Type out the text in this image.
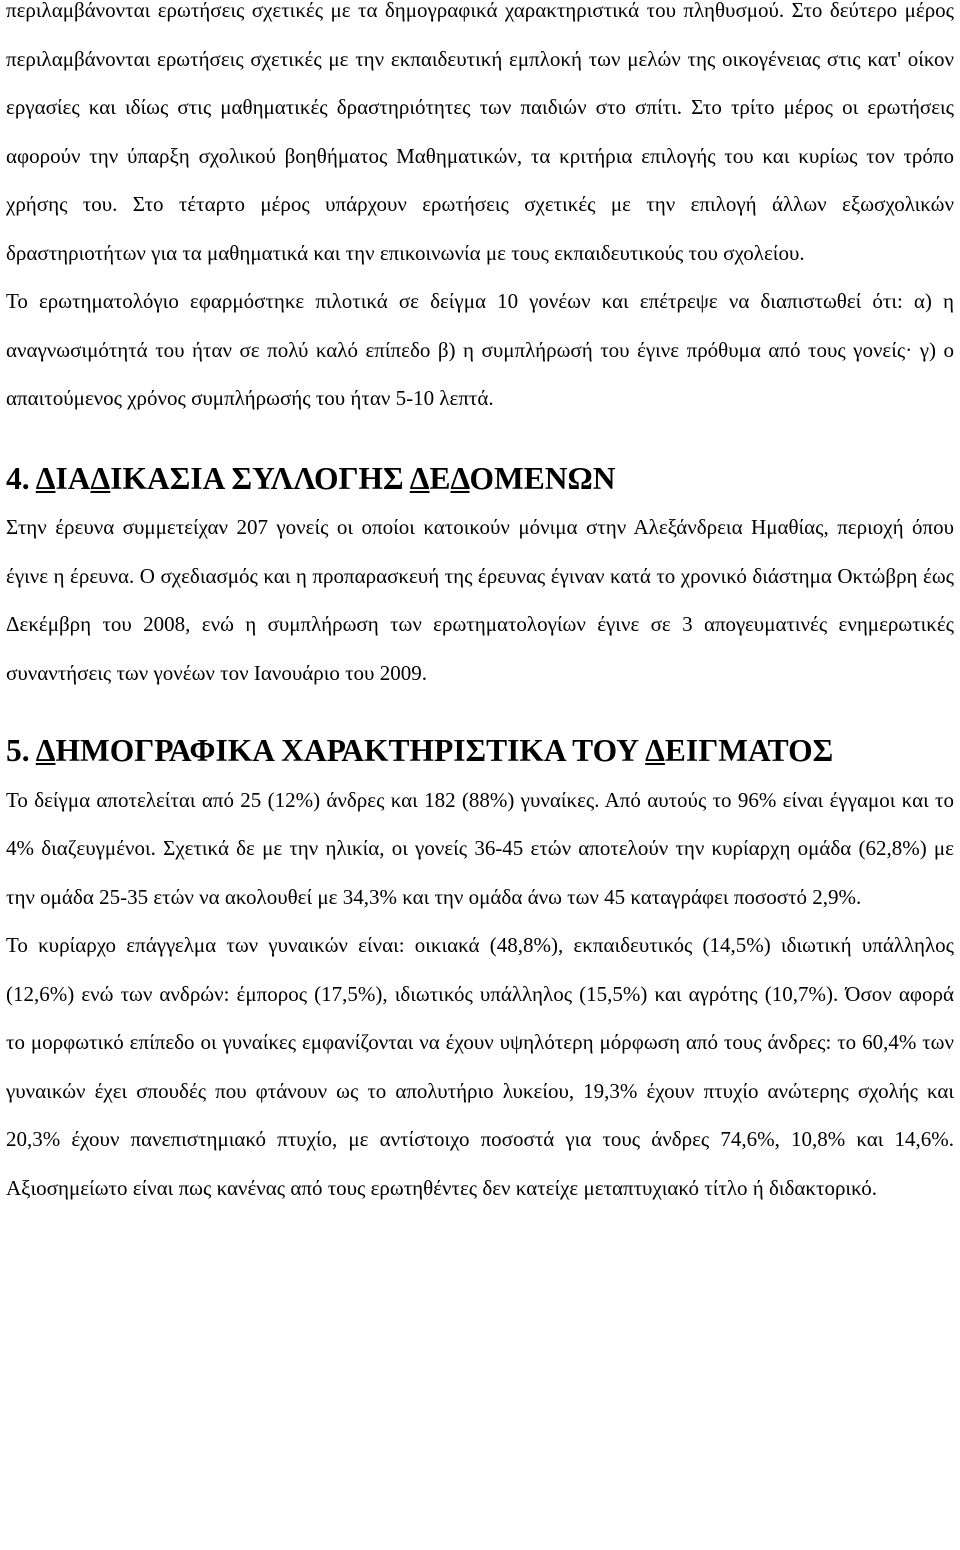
περιλαμβάνονται ερωτήσεις σχετικές με τα δημογραφικά χαρακτηριστικά του πληθυσμού. Στο δεύτερο μέρος περιλαμβάνονται ερωτήσεις σχετικές με την εκπαιδευτική εμπλοκή των μελών της οικογένειας στις κατ' οίκον εργασίες και ιδίως στις μαθηματικές δραστηριότητες των παιδιών στο σπίτι. Στο τρίτο μέρος οι ερωτήσεις αφορούν την ύπαρξη σχολικού βοηθήματος Μαθηματικών, τα κριτήρια επιλογής του και κυρίως τον τρόπο χρήσης του. Στο τέταρτο μέρος υπάρχουν ερωτήσεις σχετικές με την επιλογή άλλων εξωσχολικών δραστηριοτήτων για τα μαθηματικά και την επικοινωνία με τους εκπαιδευτικούς του σχολείου.

Το ερωτηματολόγιο εφαρμόστηκε πιλοτικά σε δείγμα 10 γονέων και επέτρεψε να διαπιστωθεί ότι: α) η αναγνωσιμότητά του ήταν σε πολύ καλό επίπεδο β) η συμπλήρωσή του έγινε πρόθυμα από τους γονείς· γ) ο απαιτούμενος χρόνος συμπλήρωσής του ήταν 5-10 λεπτά.

4. ΔΙΑΔΙΚΑΣΙΑ ΣΥΛΛΟΓΗΣ ΔΕΔΟΜΕΝΩΝ

Στην έρευνα συμμετείχαν 207 γονείς οι οποίοι κατοικούν μόνιμα στην Αλεξάνδρεια Ημαθίας, περιοχή όπου έγινε η έρευνα. Ο σχεδιασμός και η προπαρασκευή της έρευνας έγιναν κατά το χρονικό διάστημα Οκτώβρη έως Δεκέμβρη του 2008, ενώ η συμπλήρωση των ερωτηματολογίων έγινε σε 3 απογευματινές ενημερωτικές συναντήσεις των γονέων τον Ιανουάριο του 2009.

5. ΔΗΜΟΓΡΑΦΙΚΑ ΧΑΡΑΚΤΗΡΙΣΤΙΚΑ ΤΟΥ ΔΕΙΓΜΑΤΟΣ

Το δείγμα αποτελείται από 25 (12%) άνδρες και 182 (88%) γυναίκες. Από αυτούς το 96% είναι έγγαμοι και το 4% διαζευγμένοι. Σχετικά δε με την ηλικία, οι γονείς 36-45 ετών αποτελούν την κυρίαρχη ομάδα (62,8%) με την ομάδα 25-35 ετών να ακολουθεί με 34,3% και την ομάδα άνω των 45 καταγράφει ποσοστό 2,9%.

Το κυρίαρχο επάγγελμα των γυναικών είναι: οικιακά (48,8%), εκπαιδευτικός (14,5%) ιδιωτική υπάλληλος (12,6%) ενώ των ανδρών: έμπορος (17,5%), ιδιωτικός υπάλληλος (15,5%) και αγρότης (10,7%). Όσον αφορά το μορφωτικό επίπεδο οι γυναίκες εμφανίζονται να έχουν υψηλότερη μόρφωση από τους άνδρες: το 60,4% των γυναικών έχει σπουδές που φτάνουν ως το απολυτήριο λυκείου, 19,3% έχουν πτυχίο ανώτερης σχολής και 20,3% έχουν πανεπιστημιακό πτυχίο, με αντίστοιχο ποσοστά για τους άνδρες 74,6%, 10,8% και 14,6%. Αξιοσημείωτο είναι πως κανένας από τους ερωτηθέντες δεν κατείχε μεταπτυχιακό τίτλο ή διδακτορικό.
